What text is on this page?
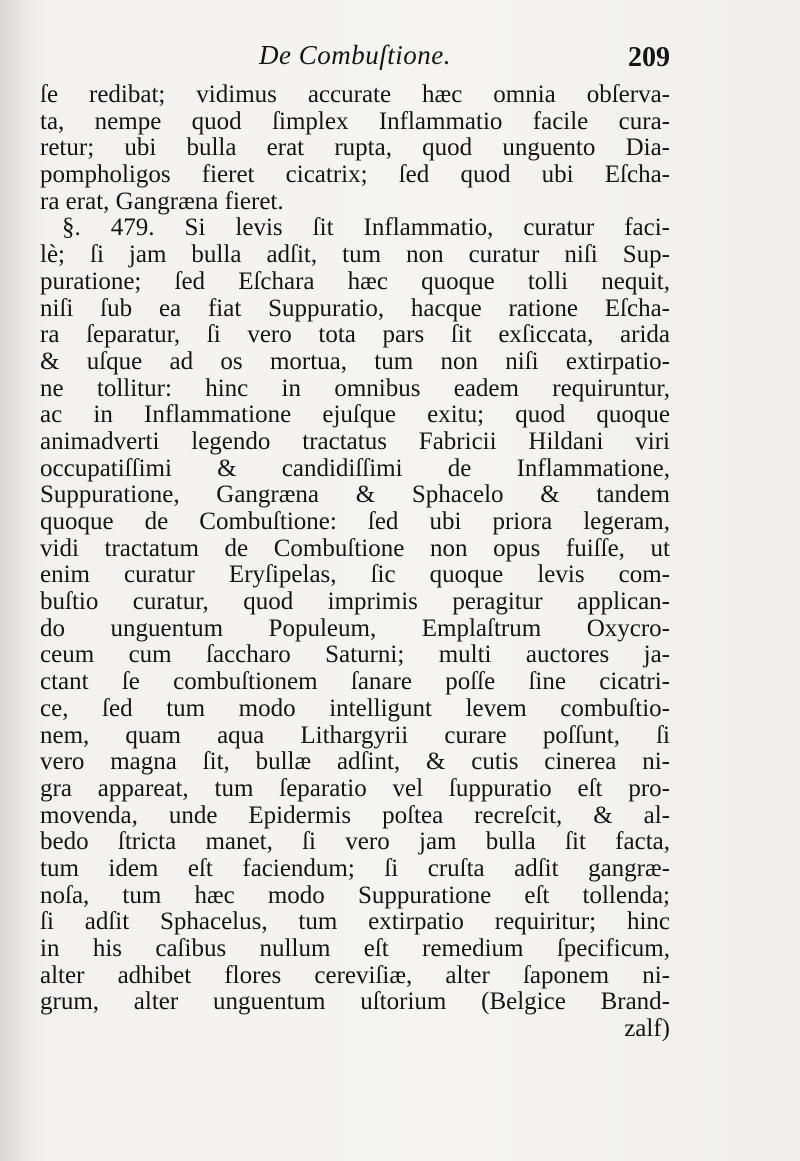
De Combuſtione.	209
ſe redibat; vidimus accurate hæc omnia obſerva-
ta, nempe quod ſimplex Inflammatio facile cura-
retur; ubi bulla erat rupta, quod unguento Dia-
pompholigos fieret cicatrix; ſed quod ubi Eſcha-
ra erat, Gangræna fieret.
§. 479. Si levis ſit Inflammatio, curatur faci-
lè; ſi jam bulla adſit, tum non curatur niſi Sup-
puratione; ſed Eſchara hæc quoque tolli nequit,
niſi ſub ea fiat Suppuratio, hacque ratione Eſcha-
ra ſeparatur, ſi vero tota pars ſit exſiccata, arida
& uſque ad os mortua, tum non niſi extirpatio-
ne tollitur: hinc in omnibus eadem requiruntur,
ac in Inflammatione ejuſque exitu; quod quoque
animadverti legendo tractatus Fabricii Hildani viri
occupatiſſimi & candidiſſimi de Inflammatione,
Suppuratione, Gangræna & Sphacelo & tandem
quoque de Combuſtione: ſed ubi priora legeram,
vidi tractatum de Combuſtione non opus fuiſſe, ut
enim curatur Eryſipelas, ſic quoque levis com-
buſtio curatur, quod imprimis peragitur applican-
do unguentum Populeum, Emplaſtrum Oxycro-
ceum cum ſaccharo Saturni; multi auctores ja-
ctant ſe combuſtionem ſanare poſſe ſine cicatri-
ce, ſed tum modo intelligunt levem combuſtio-
nem, quam aqua Lithargyrii curare poſſunt, ſi
vero magna ſit, bullæ adſint, & cutis cinerea ni-
gra appareat, tum ſeparatio vel ſuppuratio eſt pro-
movenda, unde Epidermis poſtea recreſcit, & al-
bedo ſtricta manet, ſi vero jam bulla ſit facta,
tum idem eſt faciendum; ſi cruſta adſit gangræ-
noſa, tum hæc modo Suppuratione eſt tollenda;
ſi adſit Sphacelus, tum extirpatio requiritur; hinc
in his caſibus nullum eſt remedium ſpecificum,
alter adhibet flores cereviſiæ, alter ſaponem ni-
grum, alter unguentum uſtorium (Belgice Brand-
zalf)
